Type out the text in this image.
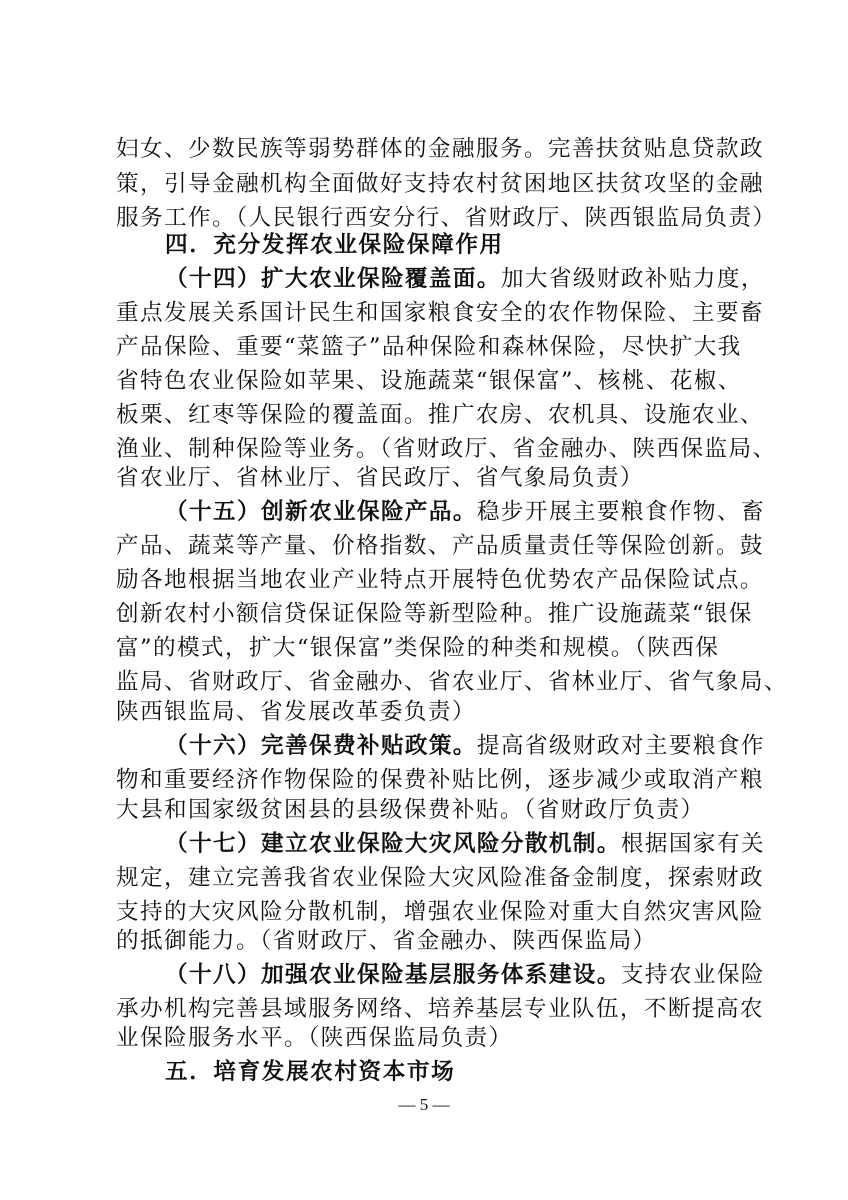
妇女、少数民族等弱势群体的金融服务。完善扶贫贴息贷款政
策，引导金融机构全面做好支持农村贫困地区扶贫攻坚的金融
服务工作。（人民银行西安分行、省财政厅、陕西银监局负责）
四．充分发挥农业保险保障作用
（十四）扩大农业保险覆盖面。加大省级财政补贴力度，
重点发展关系国计民生和国家粮食安全的农作物保险、主要畜
产品保险、重要“菜篮子”品种保险和森林保险，尽快扩大我
省特色农业保险如苹果、设施蔬菜“银保富”、核桃、花椒、
板栗、红枣等保险的覆盖面。推广农房、农机具、设施农业、
渔业、制种保险等业务。（省财政厅、省金融办、陕西保监局、
省农业厅、省林业厅、省民政厅、省气象局负责）
（十五）创新农业保险产品。稳步开展主要粮食作物、畜
产品、蔬菜等产量、价格指数、产品质量责任等保险创新。鼓
励各地根据当地农业产业特点开展特色优势农产品保险试点。
创新农村小额信贷保证保险等新型险种。推广设施蔬菜“银保
富”的模式，扩大“银保富”类保险的种类和规模。（陕西保
监局、省财政厅、省金融办、省农业厅、省林业厅、省气象局、
陕西银监局、省发展改革委负责）
（十六）完善保费补贴政策。提高省级财政对主要粮食作
物和重要经济作物保险的保费补贴比例，逐步减少或取消产粮
大县和国家级贫困县的县级保费补贴。（省财政厅负责）
（十七）建立农业保险大灾风险分散机制。根据国家有关
规定，建立完善我省农业保险大灾风险准备金制度，探索财政
支持的大灾风险分散机制，增强农业保险对重大自然灾害风险
的抵御能力。（省财政厅、省金融办、陕西保监局）
（十八）加强农业保险基层服务体系建设。支持农业保险
承办机构完善县域服务网络、培养基层专业队伍，不断提高农
业保险服务水平。（陕西保监局负责）
五．培育发展农村资本市场
— 5 —
